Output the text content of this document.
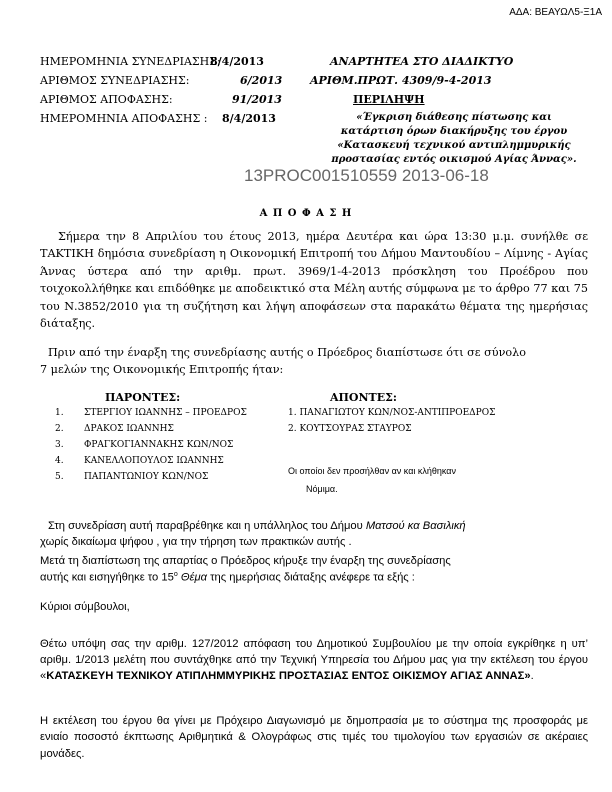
ΑΔΑ: ΒΕΑΥΩΛ5-Ξ1Α
ΗΜΕΡΟΜΗΝΙΑ ΣΥΝΕΔΡΙΑΣΗΣ:
8/4/2013
ΑΡΙΘΜΟΣ ΣΥΝΕΔΡΙΑΣΗΣ:	6/2013
ΑΡΙΘΜΟΣ ΑΠΟΦΑΣΗΣ:	91/2013
ΗΜΕΡΟΜΗΝΙΑ ΑΠΟΦΑΣΗΣ : 8/4/2013
ΑΝΑΡΤΗΤΕΑ ΣΤΟ ΔΙΑΔΙΚΤΥΟ
ΑΡΙΘΜ.ΠΡΩΤ. 4309/9-4-2013
ΠΕΡΙΛΗΨΗ
«Έγκριση διάθεσης πίστωσης και
κατάρτιση όρων διακήρυξης του έργου
«Κατασκευή τεχνικού αντιπλημμυρικής
προστασίας εντός οικισμού Αγίας Άννας».
13PROC001510559 2013-06-18
Α Π Ο Φ Α Σ Η
Σήμερα την 8 Απριλίου του έτους 2013, ημέρα Δευτέρα και ώρα 13:30 μ.μ. συνήλθε σε ΤΑΚΤΙΚΗ δημόσια συνεδρίαση η Οικονομική Επιτροπή του Δήμου Μαντουδίου – Λίμνης - Αγίας Άννας ύστερα από την αριθμ. πρωτ. 3969/1-4-2013 πρόσκληση του Προέδρου που τοιχοκολλήθηκε και επιδόθηκε με αποδεικτικό στα Μέλη αυτής σύμφωνα με το άρθρο 77 και 75 του Ν.3852/2010 για τη συζήτηση και λήψη αποφάσεων στα παρακάτω θέματα της ημερήσιας διάταξης.
Πριν από την έναρξη της συνεδρίασης αυτής ο Πρόεδρος διαπίστωσε ότι σε σύνολο
7 μελών της Οικονομικής Επιτροπής ήταν:
ΠΑΡΟΝΤΕΣ:	ΑΠΟΝΤΕΣ:
1. ΣΤΕΡΓΙΟΥ ΙΩΑΝΝΗΣ – ΠΡΟΕΔΡΟΣ
2. ΔΡΑΚΟΣ ΙΩΑΝΝΗΣ
3. ΦΡΑΓΚΟΓΙΑΝΝΑΚΗΣ ΚΩΝ/ΝΟΣ
4. ΚΑΝΕΛΛΟΠΟΥΛΟΣ ΙΩΑΝΝΗΣ
5. ΠΑΠΑΝΤΩΝΙΟΥ ΚΩΝ/ΝΟΣ
1. ΠΑΝΑΓΙΩΤΟΥ ΚΩΝ/ΝΟΣ-ΑΝΤΙΠΡΟΕΔΡΟΣ
2. ΚΟΥΤΣΟΥΡΑΣ ΣΤΑΥΡΟΣ
Οι οποίοι δεν προσήλθαν αν και κλήθηκαν
Νόμιμα.
Στη συνεδρίαση αυτή παραβρέθηκε και η υπάλληλος του Δήμου Ματσού κα Βασιλική
χωρίς δικαίωμα ψήφου , για την τήρηση των πρακτικών αυτής .
Μετά τη διαπίστωση της απαρτίας ο Πρόεδρος κήρυξε την έναρξη της συνεδρίασης
αυτής και εισηγήθηκε το $15^o$ Θέμα της ημερήσιας διάταξης ανέφερε τα εξής :
Κύριοι σύμβουλοι,
Θέτω υπόψη σας την αριθμ. 127/2012 απόφαση του Δημοτικού Συμβουλίου με την οποία εγκρίθηκε η υπ’ αριθμ. 1/2013 μελέτη που συντάχθηκε από την Τεχνική Υπηρεσία του Δήμου μας για την εκτέλεση του έργου «ΚΑΤΑΣΚΕΥΗ ΤΕΧΝΙΚΟΥ ΑΤΙΠΛΗΜΜΥΡΙΚΗΣ ΠΡΟΣΤΑΣΙΑΣ ΕΝΤΟΣ ΟΙΚΙΣΜΟΥ ΑΓΙΑΣ ΑΝΝΑΣ».
Η εκτέλεση του έργου θα γίνει με Πρόχειρο Διαγωνισμό με δημοπρασία με το σύστημα της προσφοράς με ενιαίο ποσοστό έκπτωσης Αριθμητικά & Ολογράφως στις τιμές του τιμολογίου των εργασιών σε ακέραιες μονάδες.
